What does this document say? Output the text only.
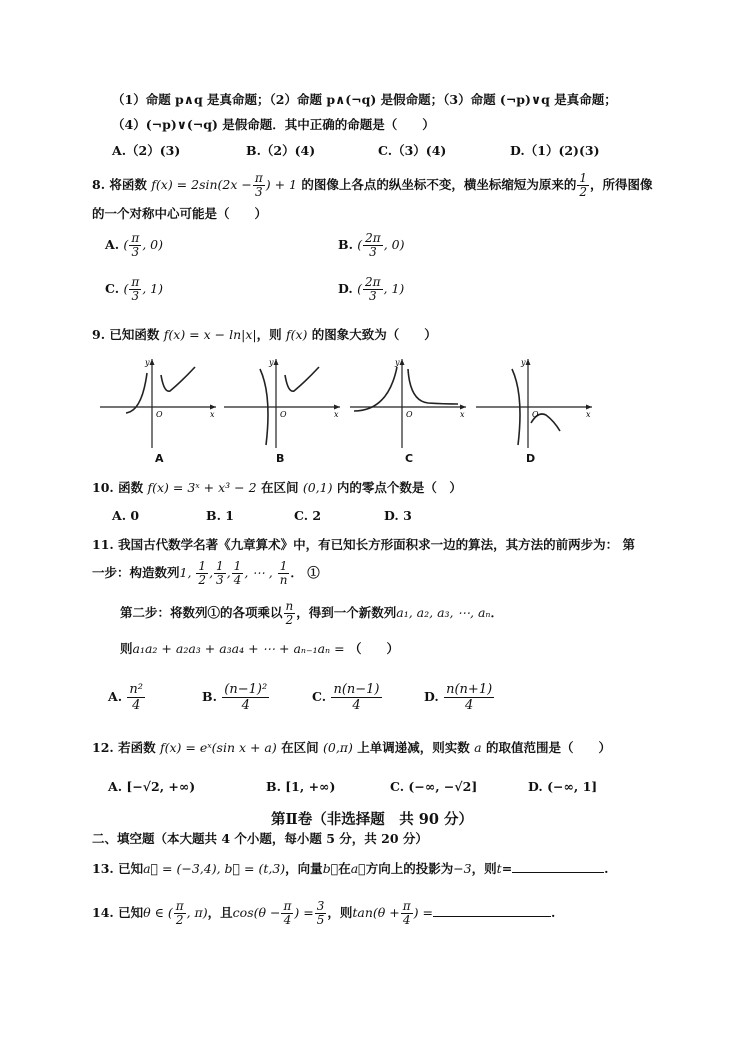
（1）命题 p∧q 是真命题；（2）命题 p∧(¬q) 是假命题；（3）命题 (¬p)∨q 是真命题；
（4）(¬p)∨(¬q) 是假命题．其中正确的命题是（　　）
A.（2）(3)	B.（2）(4)	C.（3）(4)	D.（1）(2)(3)
8. 将函数 $f(x) = 2\sin(2x - \frac{\pi}{3}$ ) + 1 的图像上各点的纵坐标不变，横坐标缩短为原来的 $\frac{1}{2}$ ，所得图像
的一个对称中心可能是（　　）
A. ( $\frac{\pi}{3}$ , 0)	B. ( $\frac{2\pi}{3}$ , 0)
C. ( $\frac{\pi}{3}$ , 1)	D. ( $\frac{2\pi}{3}$ , 1)
9. 已知函数 f(x) = x − ln|x|，则 f(x) 的图象大致为（　　）
O
y
x
A
O
y
x
B
O
y
x
C
O
y
x
D
10. 函数 f(x) = 3ˣ + x³ − 2 在区间 (0,1) 内的零点个数是（　）
A. 0	B. 1	C. 2	D. 3
11. 我国古代数学名著《九章算术》中，有已知长方形面积求一边的算法，其方法的前两步为： 第
一步：构造数列1, $\frac{1}{2}$ , $\frac{1}{3}$ , $\frac{1}{4}$ , ⋯ , $\frac{1}{n}$ ． ①
第二步：将数列①的各项乘以 $\frac{n}{2}$ ，得到一个新数列a₁, a₂, a₃, ⋯, aₙ．
则a₁a₂ + a₂a₃ + a₃a₄ + ⋯ + aₙ₋₁aₙ = （　　）
A. $\frac{\text{n²}}{4}$	B. $\frac{\text{(n−1)²}}{4}$	C. $\frac{n(n-1)}{4}$	D. $\frac{n(n+1)}{4}$
12. 若函数 f(x) = eˣ(sin x + a) 在区间 (0,π) 上单调递减，则实数 a 的取值范围是（　　）
A. [−√2, +∞)	B. [1, +∞)	C. (−∞, −√2]	D. (−∞, 1]
第Ⅱ卷（非选择题　共 90 分）
二、填空题（本大题共 4 个小题，每小题 5 分，共 20 分）
13. 已知a⃗ = (−3,4), b⃗ = (t,3)，向量b⃗在a⃗方向上的投影为−3，则t=	.
14. 已知θ ∈ ( $\frac{\pi}{2}$ , π)，且$\cos(\theta - \frac{\pi}{4}$ ) = $\frac{3}{5}$ ，则$\tan(\theta + \frac{\pi}{4}$ ) =	.
